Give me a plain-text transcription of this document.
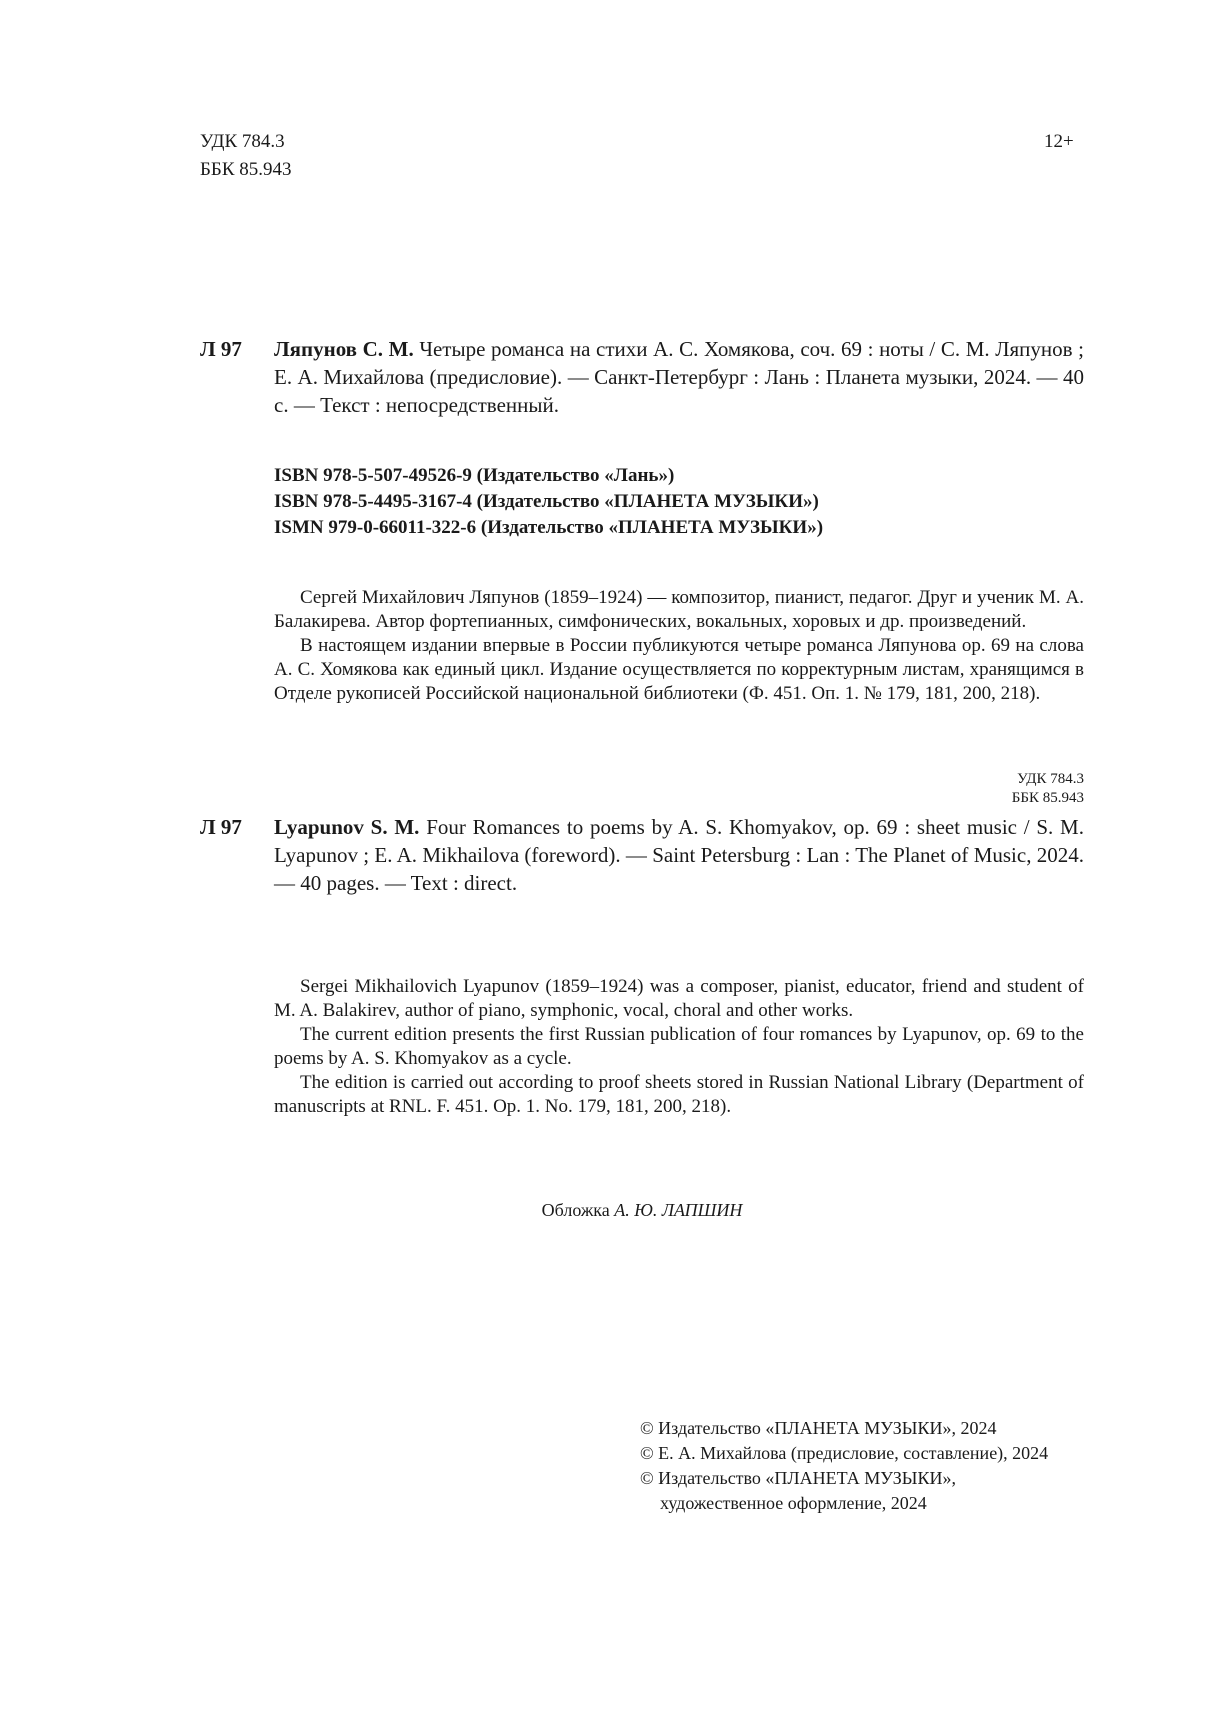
УДК 784.3
ББК 85.943
12+
Л 97 Ляпунов С. М. Четыре романса на стихи А. С. Хомякова, соч. 69 : ноты / С. М. Ляпунов ; Е. А. Михайлова (предисловие). — Санкт-Петербург : Лань : Планета музыки, 2024. — 40 с. — Текст : непосредственный.
ISBN 978-5-507-49526-9 (Издательство «Лань»)
ISBN 978-5-4495-3167-4 (Издательство «ПЛАНЕТА МУЗЫКИ»)
ISMN 979-0-66011-322-6 (Издательство «ПЛАНЕТА МУЗЫКИ»)

Сергей Михайлович Ляпунов (1859–1924) — композитор, пианист, педагог. Друг и ученик М. А. Балакирева. Автор фортепианных, симфонических, вокальных, хоровых и др. произведений.

В настоящем издании впервые в России публикуются четыре романса Ляпунова ор. 69 на слова А. С. Хомякова как единый цикл. Издание осуществляется по корректурным листам, хранящимся в Отделе рукописей Российской национальной библиотеки (Ф. 451. Оп. 1. № 179, 181, 200, 218).

УДК 784.3
ББК 85.943
Л 97 Lyapunov S. M. Four Romances to poems by A. S. Khomyakov, op. 69 : sheet music / S. M. Lyapunov ; E. A. Mikhailova (foreword). — Saint Petersburg : Lan : The Planet of Music, 2024. — 40 pages. — Text : direct.

Sergei Mikhailovich Lyapunov (1859–1924) was a composer, pianist, educator, friend and student of M. A. Balakirev, author of piano, symphonic, vocal, choral and other works.

The current edition presents the first Russian publication of four romances by Lyapunov, op. 69 to the poems by A. S. Khomyakov as a cycle.

The edition is carried out according to proof sheets stored in Russian National Library (Department of manuscripts at RNL. F. 451. Op. 1. No. 179, 181, 200, 218).

Обложка А. Ю. ЛАПШИН
© Издательство «ПЛАНЕТА МУЗЫКИ», 2024
© Е. А. Михайлова (предисловие, составление), 2024
© Издательство «ПЛАНЕТА МУЗЫКИ»,
художественное оформление, 2024
